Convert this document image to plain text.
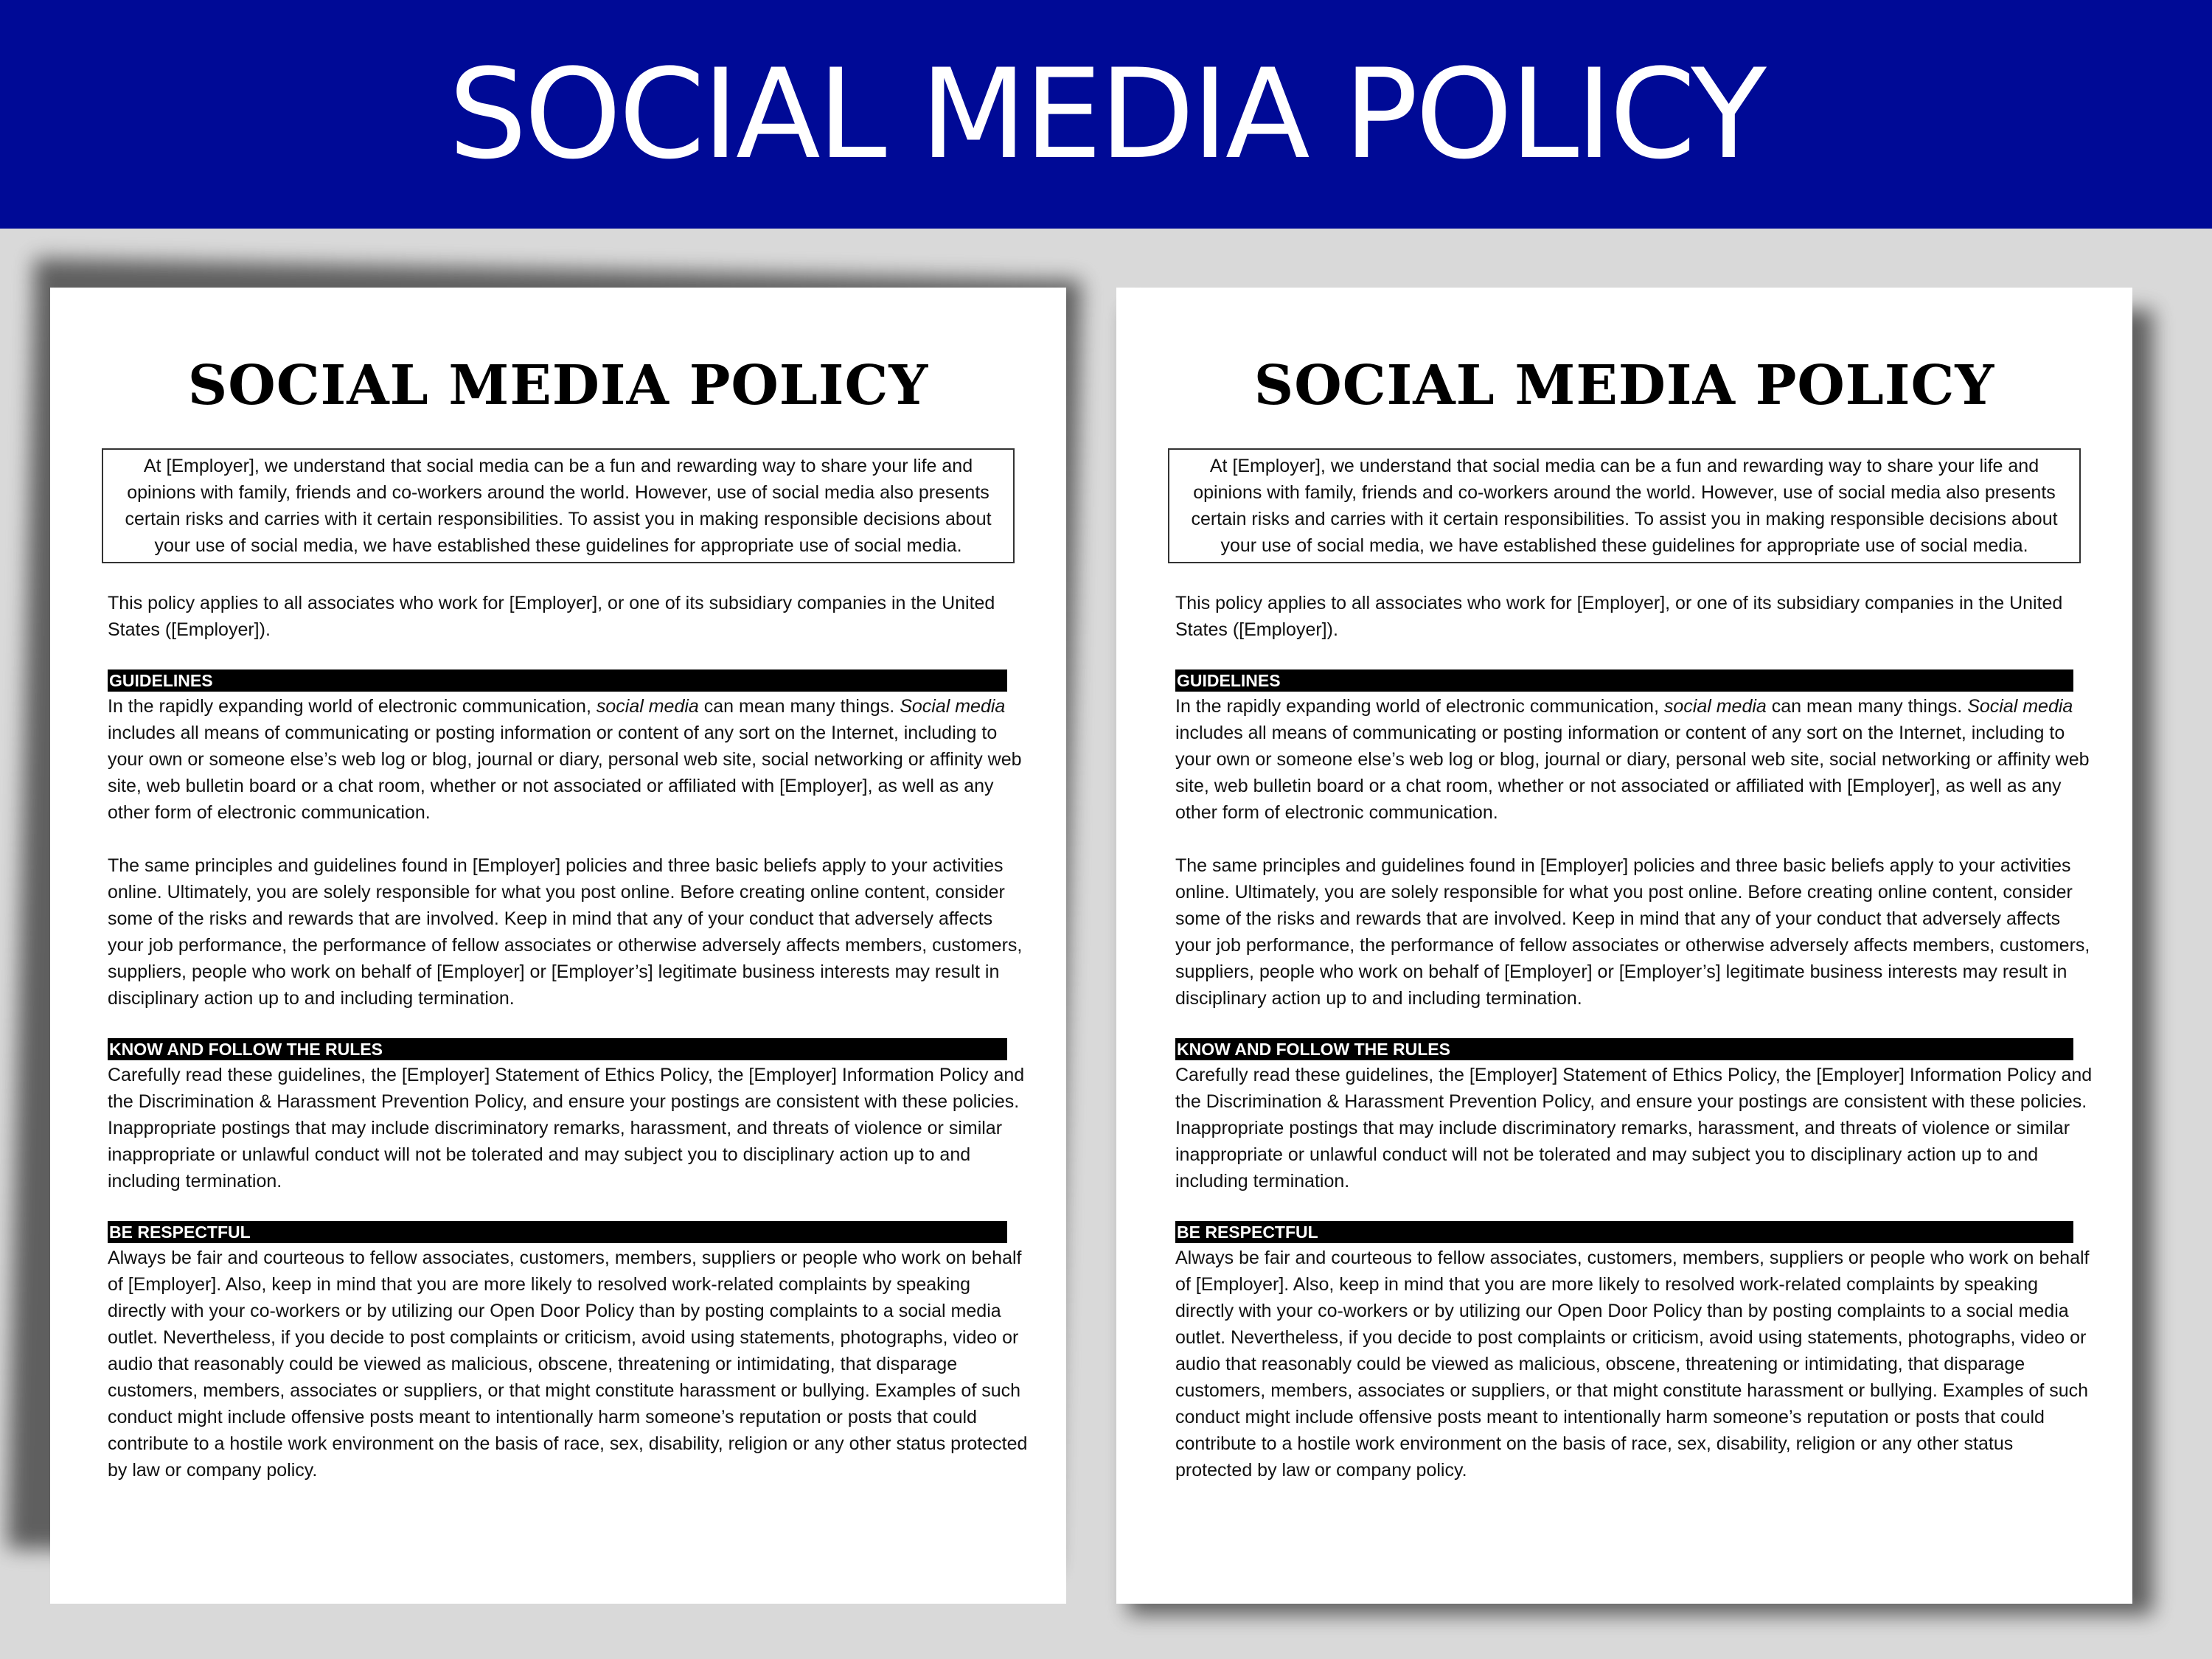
SOCIAL MEDIA POLICY
SOCIAL MEDIA POLICY
At [Employer], we understand that social media can be a fun and rewarding way to share your life and opinions with family, friends and co-workers around the world. However, use of social media also presents certain risks and carries with it certain responsibilities. To assist you in making responsible decisions about your use of social media, we have established these guidelines for appropriate use of social media.
This policy applies to all associates who work for [Employer], or one of its subsidiary companies in the United States ([Employer]).
GUIDELINES
In the rapidly expanding world of electronic communication, social media can mean many things. Social media includes all means of communicating or posting information or content of any sort on the Internet, including to your own or someone else’s web log or blog, journal or diary, personal web site, social networking or affinity web site, web bulletin board or a chat room, whether or not associated or affiliated with [Employer], as well as any other form of electronic communication.
The same principles and guidelines found in [Employer] policies and three basic beliefs apply to your activities online. Ultimately, you are solely responsible for what you post online. Before creating online content, consider some of the risks and rewards that are involved. Keep in mind that any of your conduct that adversely affects your job performance, the performance of fellow associates or otherwise adversely affects members, customers, suppliers, people who work on behalf of [Employer] or [Employer’s] legitimate business interests may result in disciplinary action up to and including termination.
KNOW AND FOLLOW THE RULES
Carefully read these guidelines, the [Employer] Statement of Ethics Policy, the [Employer] Information Policy and the Discrimination & Harassment Prevention Policy, and ensure your postings are consistent with these policies. Inappropriate postings that may include discriminatory remarks, harassment, and threats of violence or similar inappropriate or unlawful conduct will not be tolerated and may subject you to disciplinary action up to and including termination.
BE RESPECTFUL
Always be fair and courteous to fellow associates, customers, members, suppliers or people who work on behalf of [Employer]. Also, keep in mind that you are more likely to resolved work-related complaints by speaking directly with your co-workers or by utilizing our Open Door Policy than by posting complaints to a social media outlet. Nevertheless, if you decide to post complaints or criticism, avoid using statements, photographs, video or audio that reasonably could be viewed as malicious, obscene, threatening or intimidating, that disparage customers, members, associates or suppliers, or that might constitute harassment or bullying. Examples of such conduct might include offensive posts meant to intentionally harm someone’s reputation or posts that could contribute to a hostile work environment on the basis of race, sex, disability, religion or any other status protected by law or company policy.
SOCIAL MEDIA POLICY
At [Employer], we understand that social media can be a fun and rewarding way to share your life and opinions with family, friends and co-workers around the world. However, use of social media also presents certain risks and carries with it certain responsibilities. To assist you in making responsible decisions about your use of social media, we have established these guidelines for appropriate use of social media.
This policy applies to all associates who work for [Employer], or one of its subsidiary companies in the United States ([Employer]).
GUIDELINES
In the rapidly expanding world of electronic communication, social media can mean many things. Social media includes all means of communicating or posting information or content of any sort on the Internet, including to your own or someone else’s web log or blog, journal or diary, personal web site, social networking or affinity web site, web bulletin board or a chat room, whether or not associated or affiliated with [Employer], as well as any other form of electronic communication.
The same principles and guidelines found in [Employer] policies and three basic beliefs apply to your activities online. Ultimately, you are solely responsible for what you post online. Before creating online content, consider some of the risks and rewards that are involved. Keep in mind that any of your conduct that adversely affects your job performance, the performance of fellow associates or otherwise adversely affects members, customers, suppliers, people who work on behalf of [Employer] or [Employer’s] legitimate business interests may result in disciplinary action up to and including termination.
KNOW AND FOLLOW THE RULES
Carefully read these guidelines, the [Employer] Statement of Ethics Policy, the [Employer] Information Policy and the Discrimination & Harassment Prevention Policy, and ensure your postings are consistent with these policies. Inappropriate postings that may include discriminatory remarks, harassment, and threats of violence or similar inappropriate or unlawful conduct will not be tolerated and may subject you to disciplinary action up to and including termination.
BE RESPECTFUL
Always be fair and courteous to fellow associates, customers, members, suppliers or people who work on behalf of [Employer]. Also, keep in mind that you are more likely to resolved work-related complaints by speaking directly with your co-workers or by utilizing our Open Door Policy than by posting complaints to a social media outlet. Nevertheless, if you decide to post complaints or criticism, avoid using statements, photographs, video or audio that reasonably could be viewed as malicious, obscene, threatening or intimidating, that disparage customers, members, associates or suppliers, or that might constitute harassment or bullying. Examples of such conduct might include offensive posts meant to intentionally harm someone’s reputation or posts that could contribute to a hostile work environment on the basis of race, sex, disability, religion or any other status protected by law or company policy.
